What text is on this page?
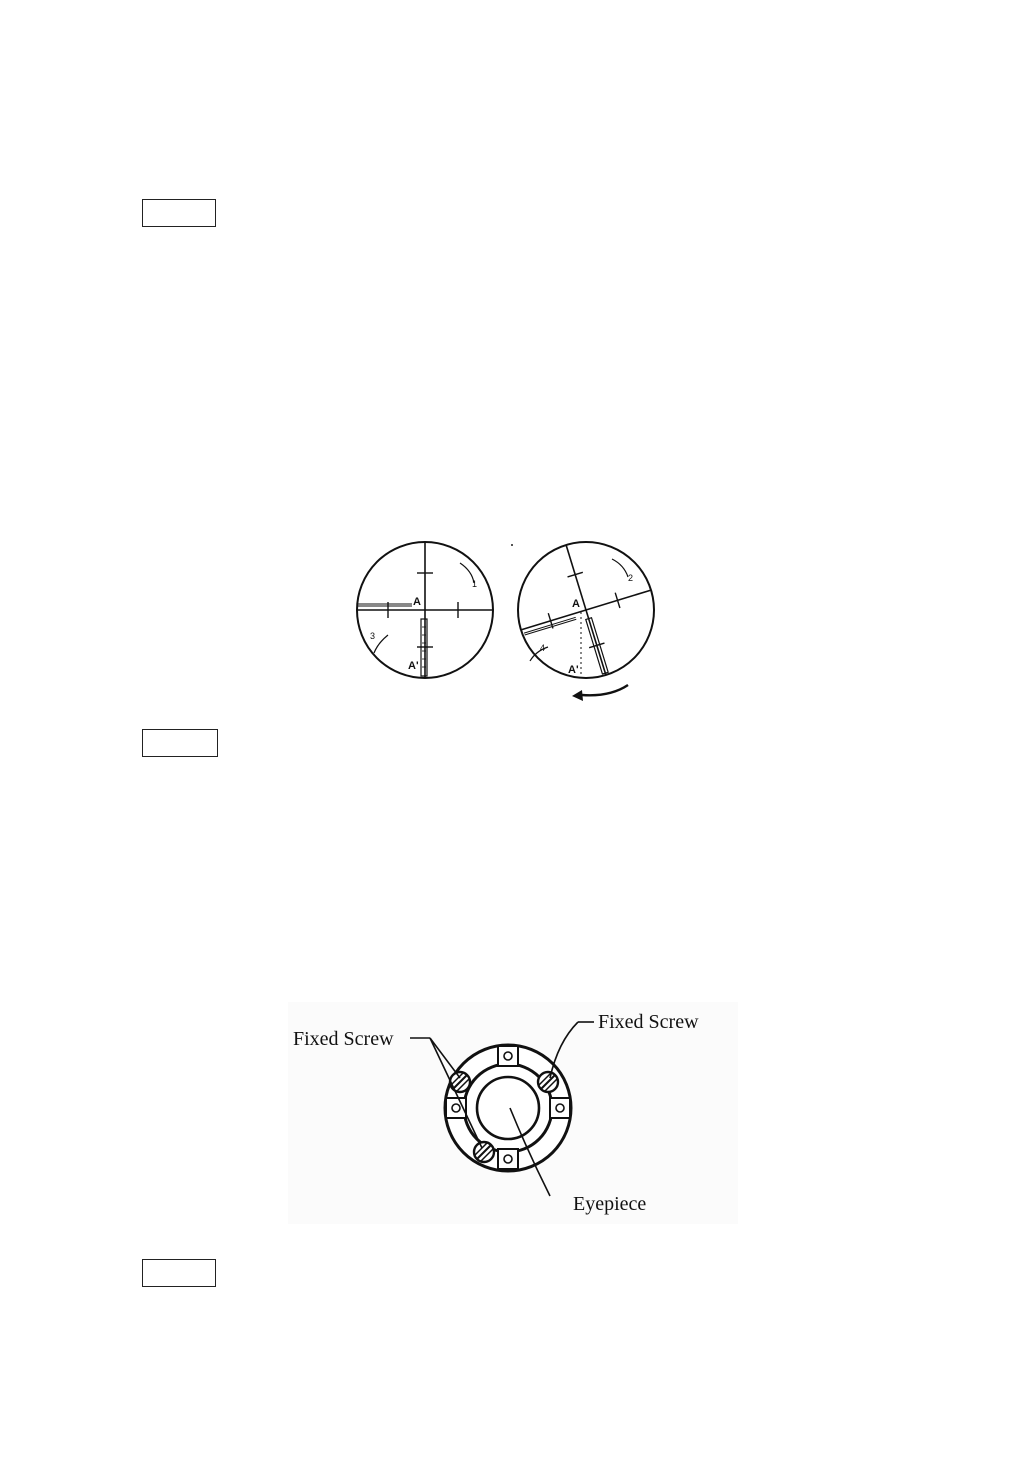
A
A'
1
3
A
A'
2
4
Fixed Screw
Fixed Screw
Eyepiece
